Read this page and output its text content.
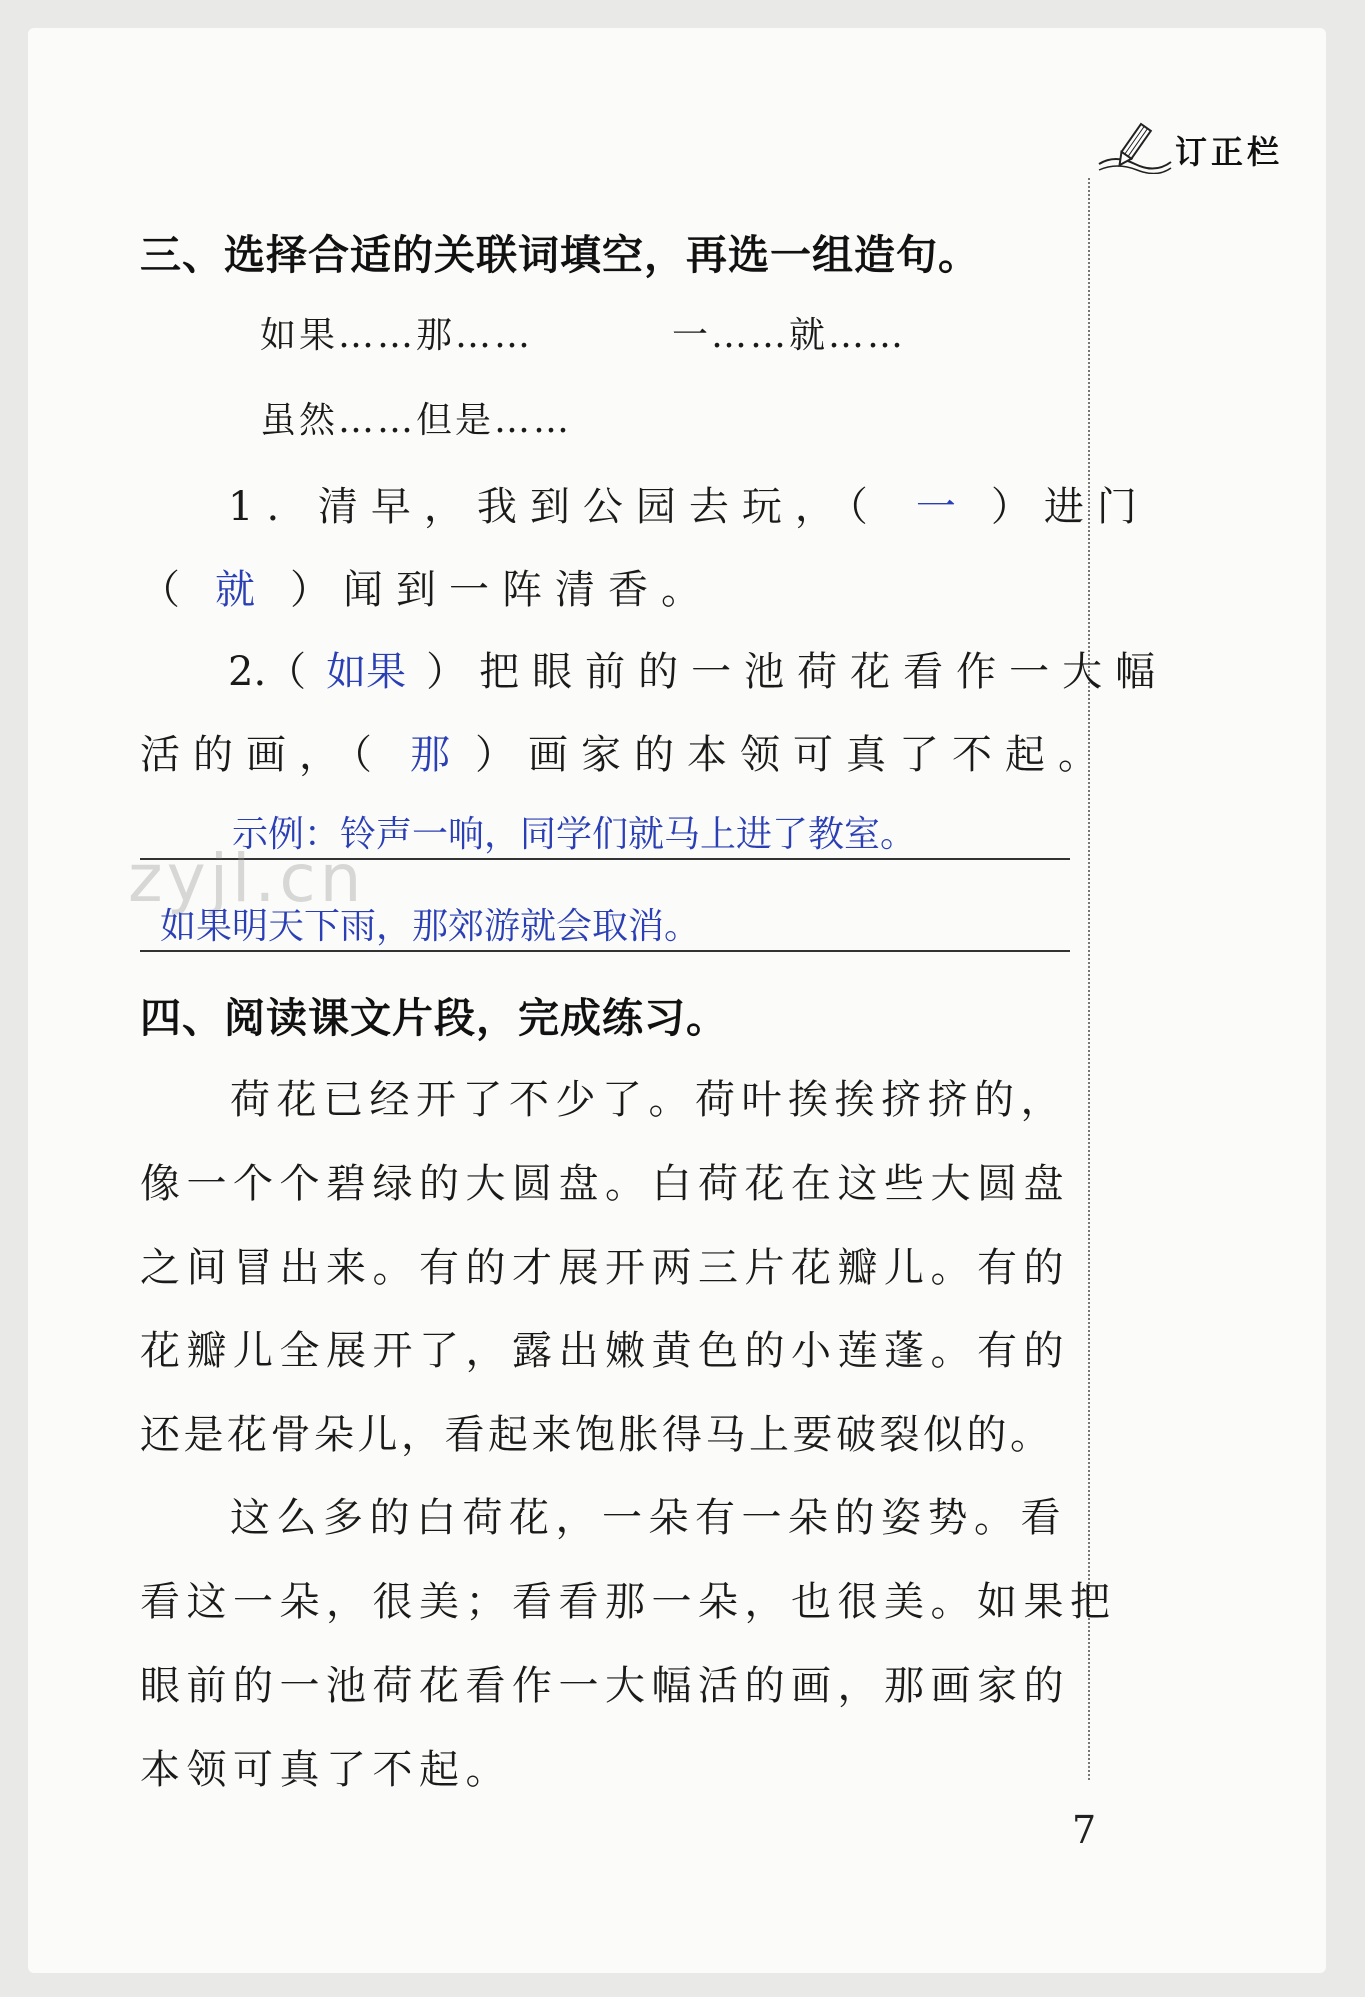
订正栏
三、选择合适的关联词填空，再选一组造句。
如果……那……	一……就……
虽然……但是……
1. 清早，我到公园去玩，（ 一 ）进门
（ 就 ）闻到一阵清香。
2.（ 如果 ）把眼前的一池荷花看作一大幅
活的画，（ 那 ）画家的本领可真了不起。
示例：铃声一响，同学们就马上进了教室。
zyjl.cn
如果明天下雨，那郊游就会取消。
四、阅读课文片段，完成练习。
荷花已经开了不少了。荷叶挨挨挤挤的，
像一个个碧绿的大圆盘。白荷花在这些大圆盘
之间冒出来。有的才展开两三片花瓣儿。有的
花瓣儿全展开了，露出嫩黄色的小莲蓬。有的
还是花骨朵儿，看起来饱胀得马上要破裂似的。
这么多的白荷花，一朵有一朵的姿势。看
看这一朵，很美；看看那一朵，也很美。如果把
眼前的一池荷花看作一大幅活的画，那画家的
本领可真了不起。
7
